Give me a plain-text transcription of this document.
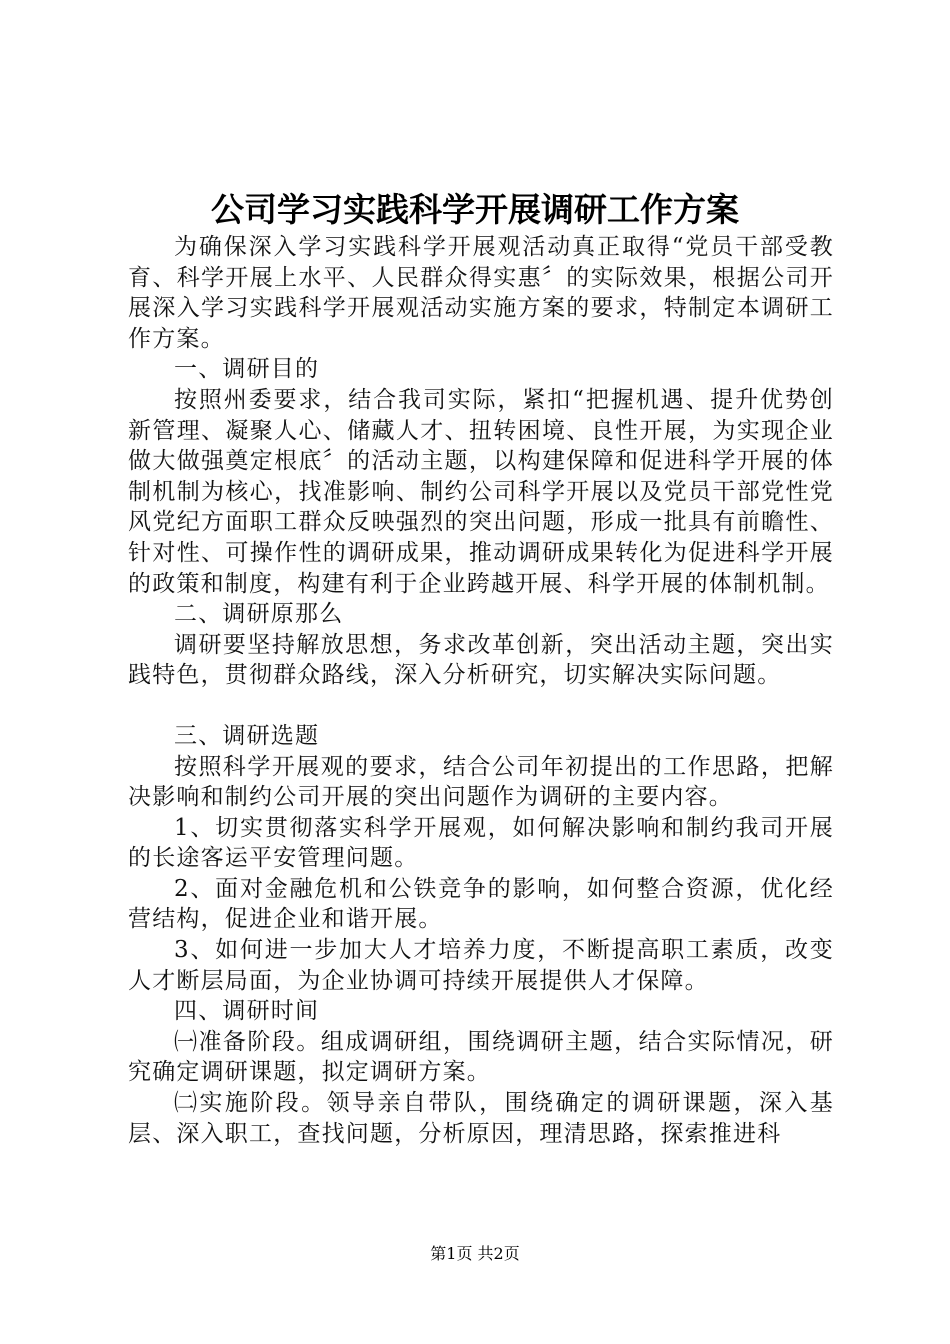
公司学习实践科学开展调研工作方案

为确保深入学习实践科学开展观活动真正取得“党员干部受教育、科学开展上水平、人民群众得实惠〞的实际效果，根据公司开展深入学习实践科学开展观活动实施方案的要求，特制定本调研工作方案。

一、调研目的

按照州委要求，结合我司实际，紧扣“把握机遇、提升优势创新管理、凝聚人心、储藏人才、扭转困境、良性开展，为实现企业做大做强奠定根底〞的活动主题，以构建保障和促进科学开展的体制机制为核心，找准影响、制约公司科学开展以及党员干部党性党风党纪方面职工群众反映强烈的突出问题，形成一批具有前瞻性、针对性、可操作性的调研成果，推动调研成果转化为促进科学开展的政策和制度，构建有利于企业跨越开展、科学开展的体制机制。

二、调研原那么

调研要坚持解放思想，务求改革创新，突出活动主题，突出实践特色，贯彻群众路线，深入分析研究，切实解决实际问题。

三、调研选题

按照科学开展观的要求，结合公司年初提出的工作思路，把解决影响和制约公司开展的突出问题作为调研的主要内容。

1、切实贯彻落实科学开展观，如何解决影响和制约我司开展的长途客运平安管理问题。

2、面对金融危机和公铁竞争的影响，如何整合资源，优化经营结构，促进企业和谐开展。

3、如何进一步加大人才培养力度，不断提高职工素质，改变人才断层局面，为企业协调可持续开展提供人才保障。

四、调研时间

㈠准备阶段。组成调研组，围绕调研主题，结合实际情况，研究确定调研课题，拟定调研方案。

㈡实施阶段。领导亲自带队，围绕确定的调研课题，深入基层、深入职工，查找问题，分析原因，理清思路，探索推进科

第1页 共2页
